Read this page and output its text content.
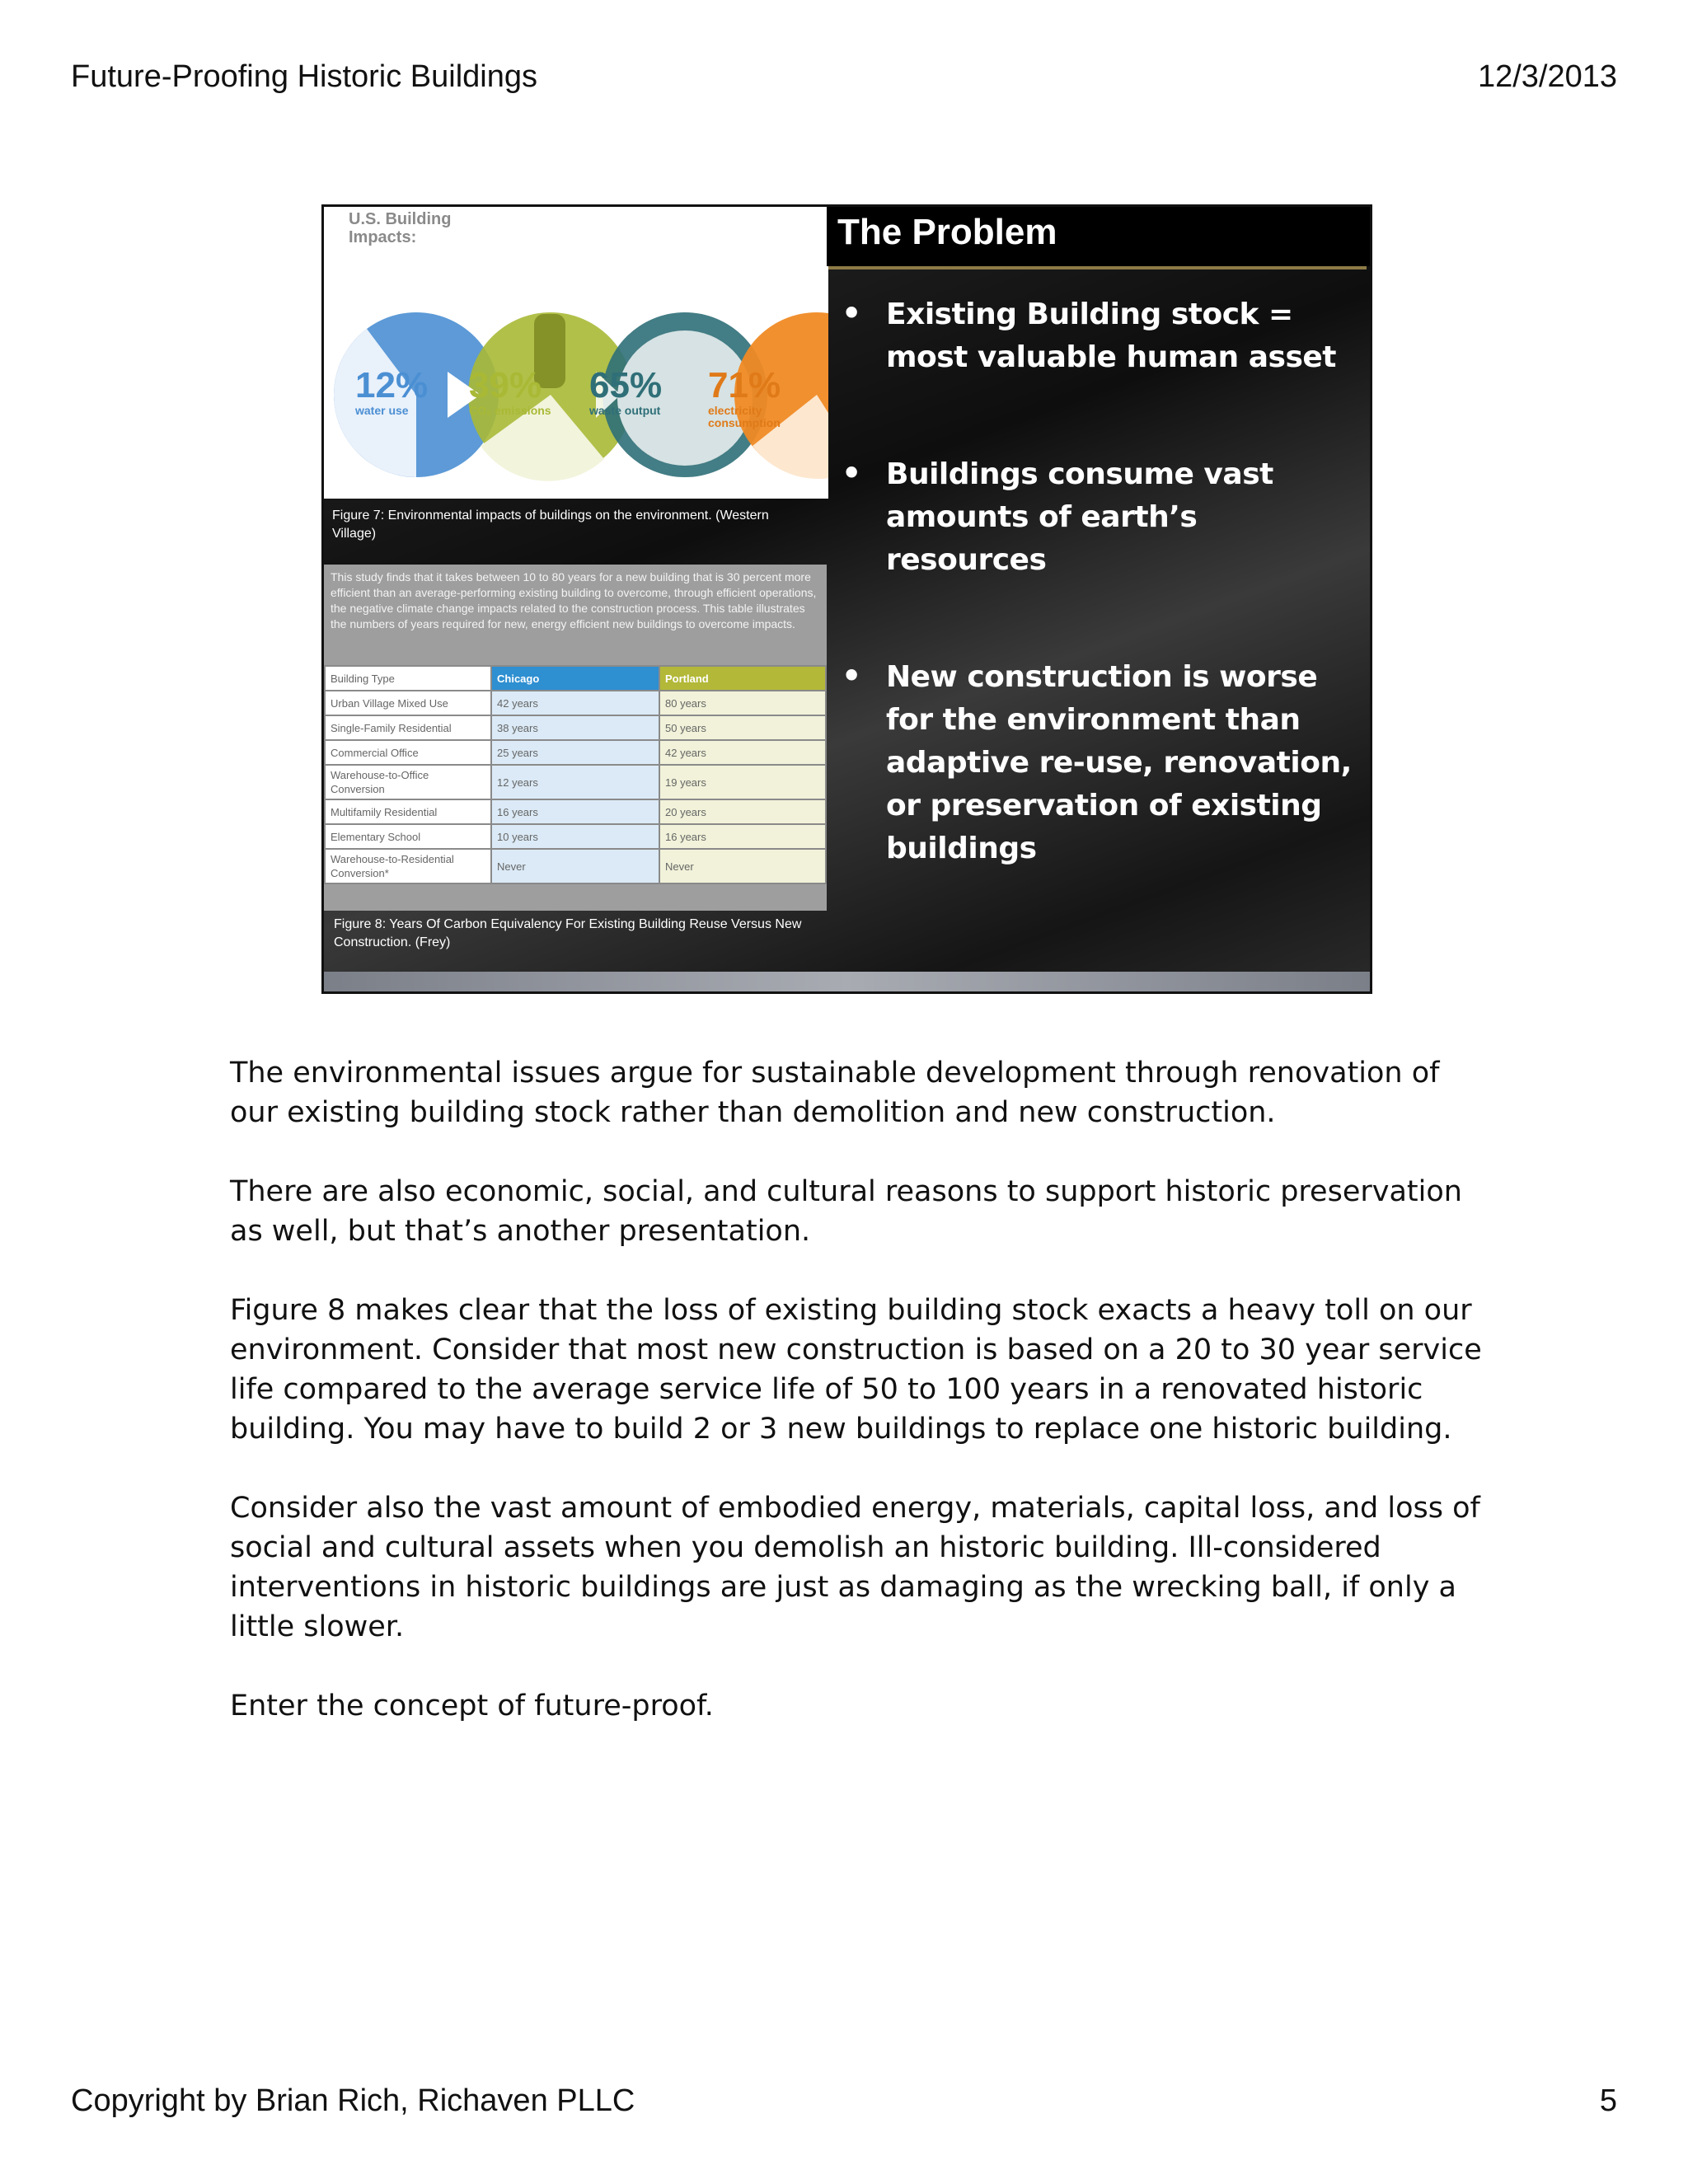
Future-Proofing Historic Buildings	12/3/2013
U.S. Building
Impacts:
12%
water use
39%
CO₂ emissions
65%
waste output
71%
electricity consumption
Figure 7: Environmental impacts of buildings on the environment. (Western Village)
This study finds that it takes between 10 to 80 years for a new building that is 30 percent more efficient than an average-performing existing building to overcome, through efficient operations, the negative climate change impacts related to the construction process. This table illustrates the numbers of years required for new, energy efficient new buildings to overcome impacts.
Building Type	Chicago	Portland
Urban Village Mixed Use	42 years	80 years
Single-Family Residential	38 years	50 years
Commercial Office	25 years	42 years
Warehouse-to-Office Conversion	12 years	19 years
Multifamily Residential	16 years	20 years
Elementary School	10 years	16 years
Warehouse-to-Residential Conversion*	Never	Never
Figure 8: Years Of Carbon Equivalency For Existing Building Reuse Versus New Construction. (Frey)
The Problem
• Existing Building stock = most valuable human asset
• Buildings consume vast amounts of earth’s resources
• New construction is worse for the environment than adaptive re-use, renovation, or preservation of existing buildings

The environmental issues argue for sustainable development through renovation of our existing building stock rather than demolition and new construction.

There are also economic, social, and cultural reasons to support historic preservation as well, but that’s another presentation.

Figure 8 makes clear that the loss of existing building stock exacts a heavy toll on our environment. Consider that most new construction is based on a 20 to 30 year service life compared to the average service life of 50 to 100 years in a renovated historic building. You may have to build 2 or 3 new buildings to replace one historic building.

Consider also the vast amount of embodied energy, materials, capital loss, and loss of social and cultural assets when you demolish an historic building. Ill-considered interventions in historic buildings are just as damaging as the wrecking ball, if only a little slower.

Enter the concept of future-proof.

Copyright by Brian Rich, Richaven PLLC	5
